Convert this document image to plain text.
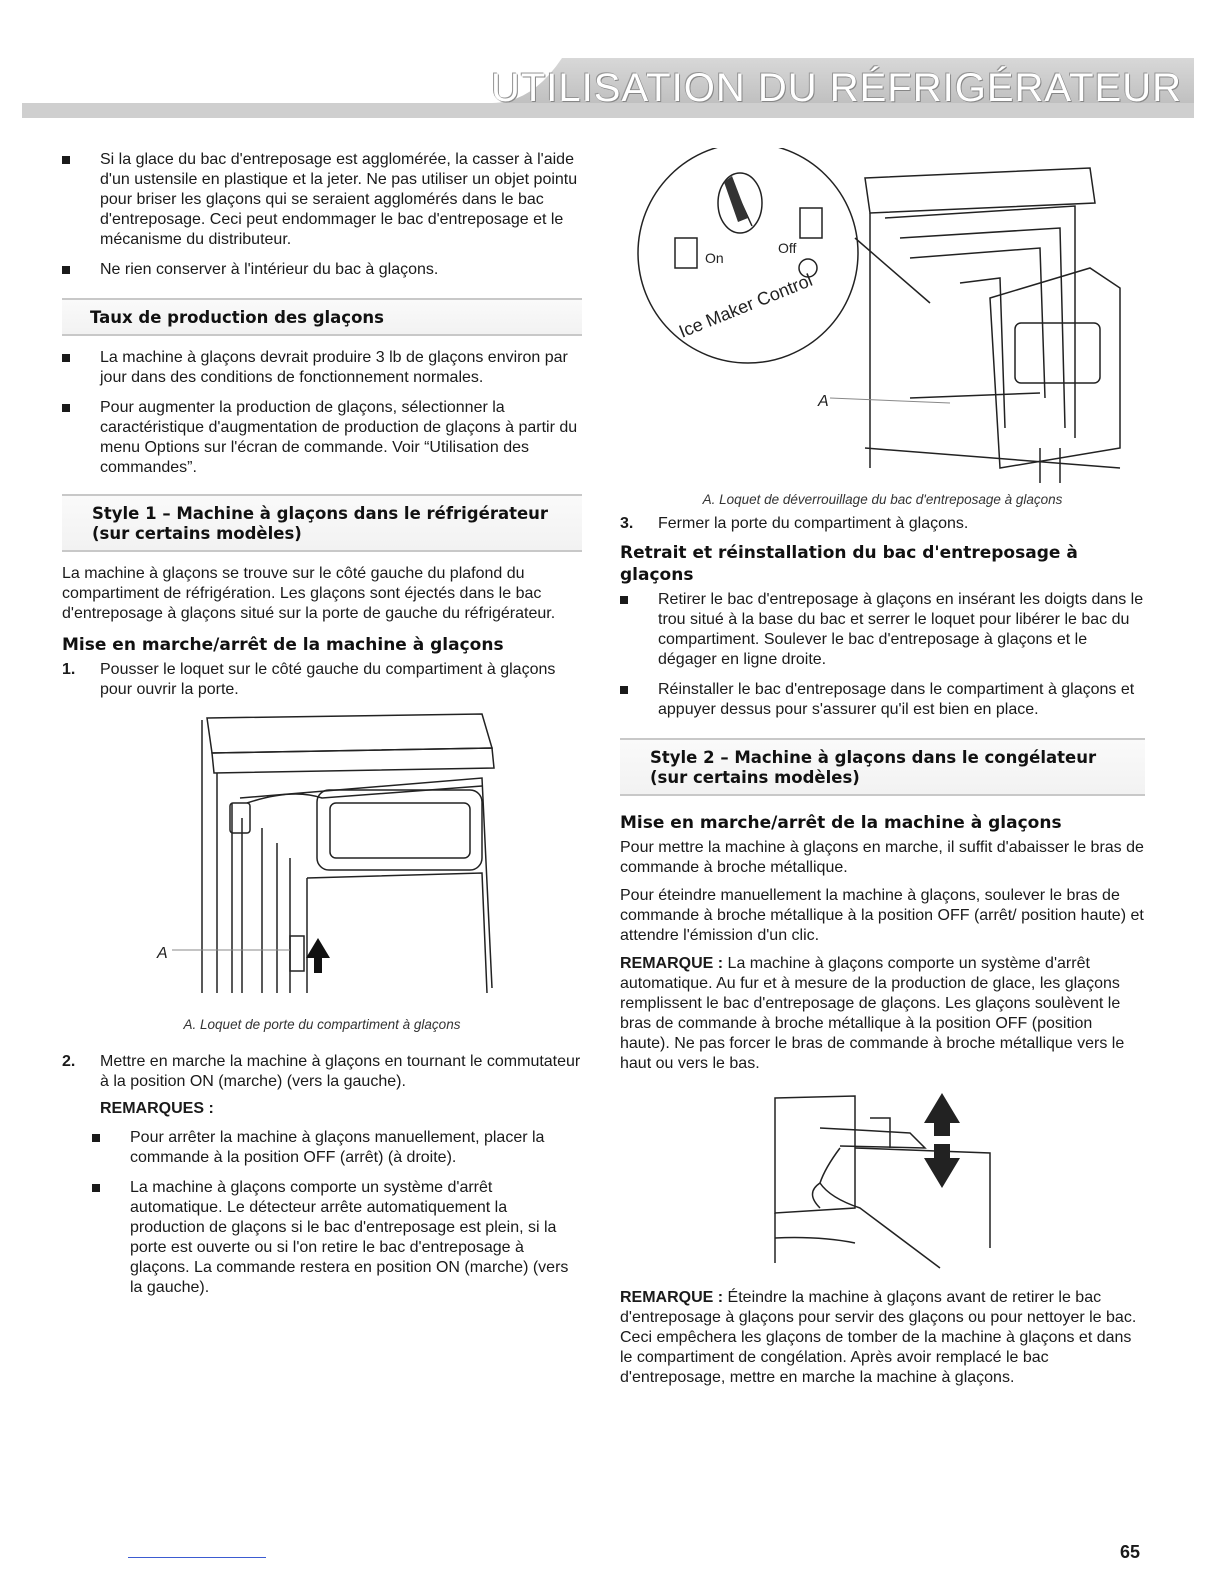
UTILISATION DU RÉFRIGÉRATEUR
Si la glace du bac d'entreposage est agglomérée, la casser à l'aide d'un ustensile en plastique et la jeter. Ne pas utiliser un objet pointu pour briser les glaçons qui se seraient agglomérés dans le bac d'entreposage. Ceci peut endommager le bac d'entreposage et le mécanisme du distributeur.
Ne rien conserver à l'intérieur du bac à glaçons.
Taux de production des glaçons
La machine à glaçons devrait produire 3 lb de glaçons environ par jour dans des conditions de fonctionnement normales.
Pour augmenter la production de glaçons, sélectionner la caractéristique d'augmentation de production de glaçons à partir du menu Options sur l'écran de commande. Voir “Utilisation des commandes”.
Style 1 – Machine à glaçons dans le réfrigérateur
(sur certains modèles)

La machine à glaçons se trouve sur le côté gauche du plafond du compartiment de réfrigération. Les glaçons sont éjectés dans le bac d'entreposage à glaçons situé sur la porte de gauche du réfrigérateur.

Mise en marche/arrêt de la machine à glaçons
1. Pousser le loquet sur le côté gauche du compartiment à glaçons pour ouvrir la porte.
A
A. Loquet de porte du compartiment à glaçons
2. Mettre en marche la machine à glaçons en tournant le commutateur à la position ON (marche) (vers la gauche).
REMARQUES :
Pour arrêter la machine à glaçons manuellement, placer la commande à la position OFF (arrêt) (à droite).
La machine à glaçons comporte un système d'arrêt automatique. Le détecteur arrête automatiquement la production de glaçons si le bac d'entreposage est plein, si la porte est ouverte ou si l'on retire le bac d'entreposage à glaçons. La commande restera en position ON (marche) (vers la gauche).
On
Off
Ice Maker Control
A
A. Loquet de déverrouillage du bac d'entreposage à glaçons
3. Fermer la porte du compartiment à glaçons.
Retrait et réinstallation du bac d'entreposage à glaçons
Retirer le bac d'entreposage à glaçons en insérant les doigts dans le trou situé à la base du bac et serrer le loquet pour libérer le bac du compartiment. Soulever le bac d'entreposage à glaçons et le dégager en ligne droite.
Réinstaller le bac d'entreposage dans le compartiment à glaçons et appuyer dessus pour s'assurer qu'il est bien en place.
Style 2 – Machine à glaçons dans le congélateur
(sur certains modèles)
Mise en marche/arrêt de la machine à glaçons

Pour mettre la machine à glaçons en marche, il suffit d'abaisser le bras de commande à broche métallique.

Pour éteindre manuellement la machine à glaçons, soulever le bras de commande à broche métallique à la position OFF (arrêt/ position haute) et attendre l'émission d'un clic.

REMARQUE : La machine à glaçons comporte un système d'arrêt automatique. Au fur et à mesure de la production de glace, les glaçons remplissent le bac d'entreposage de glaçons. Les glaçons soulèvent le bras de commande à broche métallique à la position OFF (position haute). Ne pas forcer le bras de commande à broche métallique vers le haut ou vers le bas.

REMARQUE : Éteindre la machine à glaçons avant de retirer le bac d'entreposage à glaçons pour servir des glaçons ou pour nettoyer le bac. Ceci empêchera les glaçons de tomber de la machine à glaçons et dans le compartiment de congélation. Après avoir remplacé le bac d'entreposage, mettre en marche la machine à glaçons.

65
